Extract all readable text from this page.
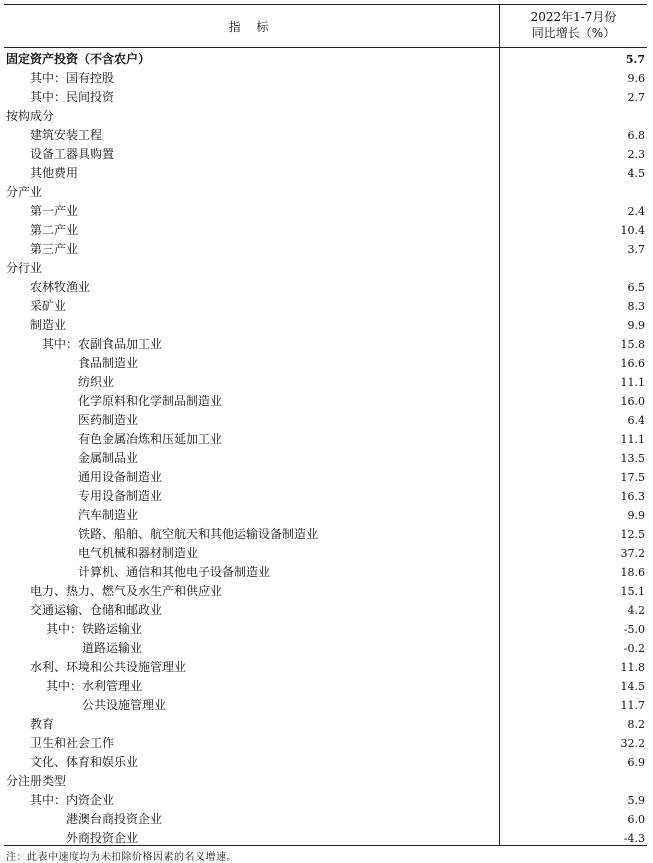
指 标
2022年1-7月份
同比增长（%）
固定资产投资（不含农户）	5.7
其中：国有控股	9.6
其中：民间投资	2.7
按构成分
建筑安装工程	6.8
设备工器具购置	2.3
其他费用	4.5
分产业
第一产业	2.4
第二产业	10.4
第三产业	3.7
分行业
农林牧渔业	6.5
采矿业	8.3
制造业	9.9
其中：农副食品加工业	15.8
食品制造业	16.6
纺织业	11.1
化学原料和化学制品制造业	16.0
医药制造业	6.4
有色金属冶炼和压延加工业	11.1
金属制品业	13.5
通用设备制造业	17.5
专用设备制造业	16.3
汽车制造业	9.9
铁路、船舶、航空航天和其他运输设备制造业	12.5
电气机械和器材制造业	37.2
计算机、通信和其他电子设备制造业	18.6
电力、热力、燃气及水生产和供应业	15.1
交通运输、仓储和邮政业	4.2
其中：铁路运输业	-5.0
道路运输业	-0.2
水利、环境和公共设施管理业	11.8
其中：水利管理业	14.5
公共设施管理业	11.7
教育	8.2
卫生和社会工作	32.2
文化、体育和娱乐业	6.9
分注册类型
其中：内资企业	5.9
港澳台商投资企业	6.0
外商投资企业	-4.3
注：此表中速度均为未扣除价格因素的名义增速。
